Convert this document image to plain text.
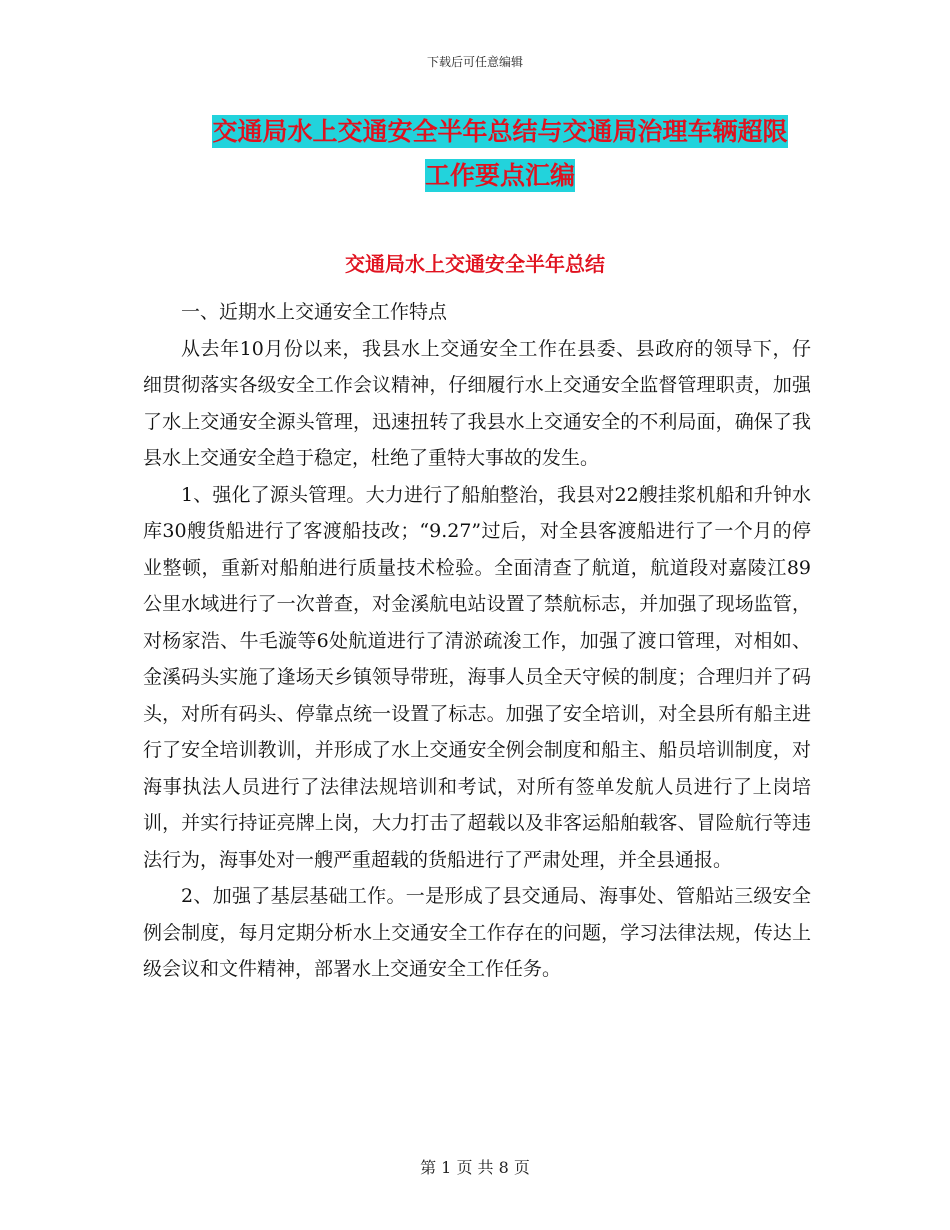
下载后可任意编辑
交通局水上交通安全半年总结与交通局治理车辆超限
工作要点汇编
交通局水上交通安全半年总结

一、近期水上交通安全工作特点

从去年10月份以来，我县水上交通安全工作在县委、县政府的领导下，仔细贯彻落实各级安全工作会议精神，仔细履行水上交通安全监督管理职责，加强了水上交通安全源头管理，迅速扭转了我县水上交通安全的不利局面，确保了我县水上交通安全趋于稳定，杜绝了重特大事故的发生。

1、强化了源头管理。大力进行了船舶整治，我县对22艘挂浆机船和升钟水库30艘货船进行了客渡船技改；“9.27”过后，对全县客渡船进行了一个月的停业整顿，重新对船舶进行质量技术检验。全面清查了航道，航道段对嘉陵江89公里水域进行了一次普查，对金溪航电站设置了禁航标志，并加强了现场监管，对杨家浩、牛毛漩等6处航道进行了清淤疏浚工作，加强了渡口管理，对相如、金溪码头实施了逢场天乡镇领导带班，海事人员全天守候的制度；合理归并了码头，对所有码头、停靠点统一设置了标志。加强了安全培训，对全县所有船主进行了安全培训教训，并形成了水上交通安全例会制度和船主、船员培训制度，对海事执法人员进行了法律法规培训和考试，对所有签单发航人员进行了上岗培训，并实行持证亮牌上岗，大力打击了超载以及非客运船舶载客、冒险航行等违法行为，海事处对一艘严重超载的货船进行了严肃处理，并全县通报。

2、加强了基层基础工作。一是形成了县交通局、海事处、管船站三级安全例会制度，每月定期分析水上交通安全工作存在的问题，学习法律法规，传达上级会议和文件精神，部署水上交通安全工作任务。

第 1 页 共 8 页
